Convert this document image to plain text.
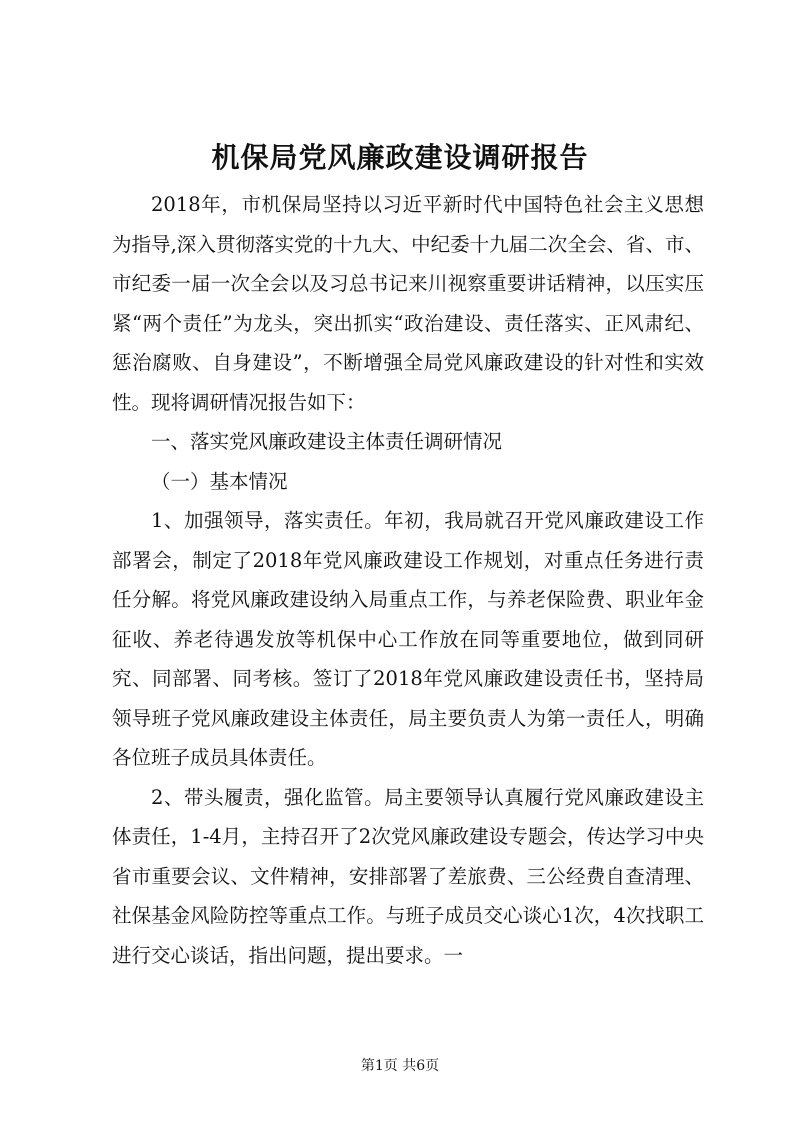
机保局党风廉政建设调研报告

2018年，市机保局坚持以习近平新时代中国特色社会主义思想为指导,深入贯彻落实党的十九大、中纪委十九届二次全会、省、市、市纪委一届一次全会以及习总书记来川视察重要讲话精神，以压实压紧“两个责任”为龙头，突出抓实“政治建设、责任落实、正风肃纪、惩治腐败、自身建设”，不断增强全局党风廉政建设的针对性和实效性。现将调研情况报告如下：

一、落实党风廉政建设主体责任调研情况

（一）基本情况

1、加强领导，落实责任。年初，我局就召开党风廉政建设工作部署会，制定了2018年党风廉政建设工作规划，对重点任务进行责任分解。将党风廉政建设纳入局重点工作，与养老保险费、职业年金征收、养老待遇发放等机保中心工作放在同等重要地位，做到同研究、同部署、同考核。签订了2018年党风廉政建设责任书，坚持局领导班子党风廉政建设主体责任，局主要负责人为第一责任人，明确各位班子成员具体责任。

2、带头履责，强化监管。局主要领导认真履行党风廉政建设主体责任，1-4月，主持召开了2次党风廉政建设专题会，传达学习中央省市重要会议、文件精神，安排部署了差旅费、三公经费自查清理、社保基金风险防控等重点工作。与班子成员交心谈心1次，4次找职工进行交心谈话，指出问题，提出要求。一

第1页 共6页
